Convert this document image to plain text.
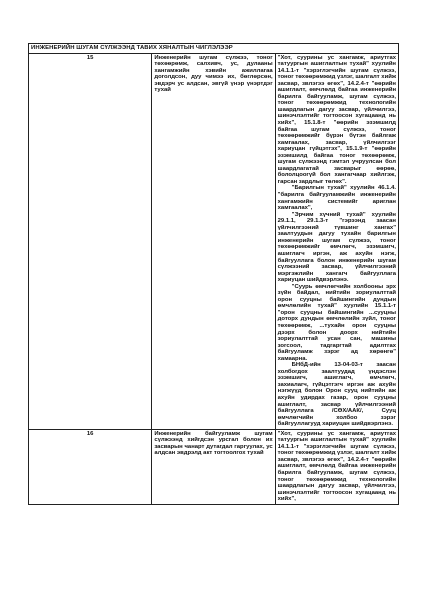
ИНЖЕНЕРИЙН ШУГАМ СҮЛЖЭЭНД ТАВИХ ХЯНАЛТЫН ЧИГЛЭЛЭЭР		
15	Инженерийн шугам сүлжээ, тоног төхөөрөмж, салхивч, ус, дулааны хангамжийн хэвийн ажиллагаа доголдсон, дуу чимээ их, бөглөрсөн, эвдэрч ус алдсан, эвгүй үнэр үнэртдэг тухай	"Хот, суурины ус хангамж, ариутгах татуургын ашиглалтын тухай" хуулийн 14.1.1-т "хэрэглэгчийн шугам сүлжээ, тоног төхөөрөмжид үзлэг, шалгалт хийж засвар, звлэгээ өгөх", 14.2.4-т "өөрийн ашиглалт, өмчлөлд байгаа инженерийн барилга байгууламж, шугам сүлжээ, тоног төхөөрөмжид технологийн шаардлагын дагуу засвар, үйлчилгээ, шинэчлэлтийг тогтоосон хугацаанд нь хийх", 15.1.8-т "өөрийн эзэмшилд байгаа шугам сүлжээ, тоног төхөөрөмжийг бүрэн бүтэн байлгаж хамгаалах, засвар, үйлчилгээг хариуцан гүйцэтгэх", 15.1.9-т "өөрийн эзэмшилд байгаа тоног төхөөрөмж, шугам сүлжээнд гэмтэл учруулсан бол шаардлагатай засварыг өөрөө, бололцоогүй бол хангагчаар хийлгэж, гарсан зардлыг төлөх".

"Барилгын тухай" хуулийн 46.1.4. "барилга байгууламжийн инженерийн хангамжийн системийг ариглан хамгаалах",

"Эрчим хүчний тухай" хуулийн 29.1.1, 29.1.3-т "гэрээнд заасан үйлчилгээний түвшинг хангах" заалтуудын дагуу тухайн барилгын инженерийн шугам сүлжээ, тоног төхөөрөмжийг өмчлөгч, эзэмшигч, ашиглагч иргэн, аж ахуйн нэгж, байгууллага болон инженерийн шугам сүлжээний засвар, үйлчилгээний мэргэжлийн хангагч байгууллага хариуцан шийдвэрлэнэ.

"Суурь өмчлөгчийн холбооны эрх зүйн байдал, нийтийн зориулалттай орон сууцны байшингийн дундын өмчлөлийн тухай" хуулийн 15.1.1-т "орон сууцны байшингийн ...сууцны доторх дундын өмчлөлийн зүйл, тоног төхөөрөмж, ...тухайн орон сууцны дээрх болон доорх нийтийн зориулалттай усан сан, машины зогсоол, тадгаргтай адилтгах байгууламж зэрэг ад хөрөнгө" хамаарна.

БНбД-ийн 13-04-03-т заасан холбогдох заалтуудад үндэслэн эзэмшигч, ашиглагч, өмчлөгч, захиалагч, гүйцэтгэгч иргэн аж ахуйн нэгжүүд болон Орон сууц нийтийн аж ахуйн удирдах газар, орон сууцны ашиглалт, засвар үйлчилгээний байгууллага /СӨХ/ААК/, Сууц өмчлөгчийн холбоо зэрэг байгууллагууд хариуцан шийдвэрлэнэ.

16	Инженерийн байгууламж шугам сүлжээнд хийгдсэн урсгал болон их засварын чанарт дутагдал гаргуулах, ус алдсан эвдрэлд акт тогтоолгох тухай	"Хот, суурины ус хангамж, ариутгах татуургын ашиглалтын тухай" хуулийн 14.1.1-т "хэрэглэгчийн шугам сүлжээ, тоног төхөөрөмжид үзлэг, шалгалт хийж засвар, звлэгээ өгөх", 14.2.4-т "өөрийн ашиглалт, өмчлөлд байгаа инженерийн барилга байгууламж, шугам сүлжээ, тоног төхөөрөмжид технологийн шаардлагын дагуу засвар, үйлчилгээ, шинэчлэлтийг тогтоосон хугацаанд нь хийх",
